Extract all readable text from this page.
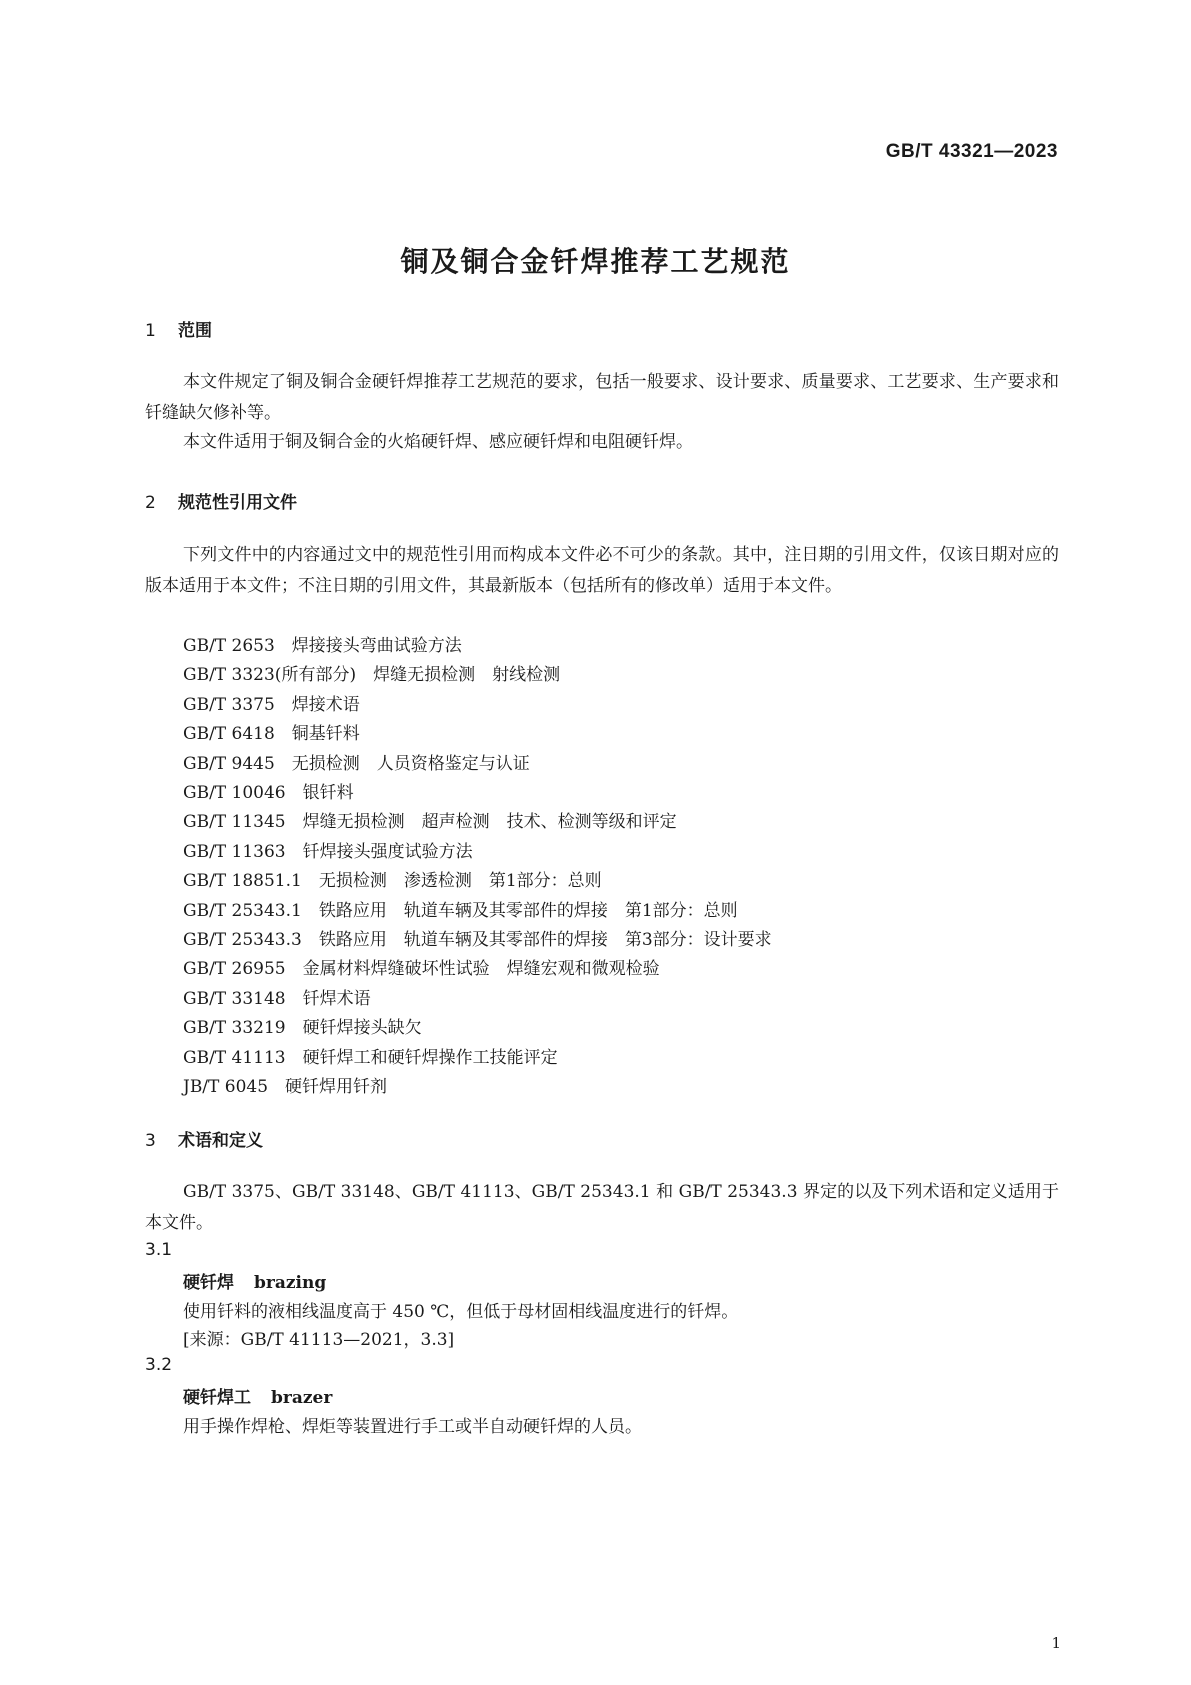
GB/T 43321—2023
铜及铜合金钎焊推荐工艺规范
1 范围

本文件规定了铜及铜合金硬钎焊推荐工艺规范的要求，包括一般要求、设计要求、质量要求、工艺要求、生产要求和钎缝缺欠修补等。

本文件适用于铜及铜合金的火焰硬钎焊、感应硬钎焊和电阻硬钎焊。

2 规范性引用文件

下列文件中的内容通过文中的规范性引用而构成本文件必不可少的条款。其中，注日期的引用文件，仅该日期对应的版本适用于本文件；不注日期的引用文件，其最新版本（包括所有的修改单）适用于本文件。

GB/T 2653　焊接接头弯曲试验方法
GB/T 3323(所有部分)　焊缝无损检测　射线检测
GB/T 3375　焊接术语
GB/T 6418　铜基钎料
GB/T 9445　无损检测　人员资格鉴定与认证
GB/T 10046　银钎料
GB/T 11345　焊缝无损检测　超声检测　技术、检测等级和评定
GB/T 11363　钎焊接头强度试验方法
GB/T 18851.1　无损检测　渗透检测　第1部分：总则
GB/T 25343.1　铁路应用　轨道车辆及其零部件的焊接　第1部分：总则
GB/T 25343.3　铁路应用　轨道车辆及其零部件的焊接　第3部分：设计要求
GB/T 26955　金属材料焊缝破坏性试验　焊缝宏观和微观检验
GB/T 33148　钎焊术语
GB/T 33219　硬钎焊接头缺欠
GB/T 41113　硬钎焊工和硬钎焊操作工技能评定
JB/T 6045　硬钎焊用钎剂
3 术语和定义

GB/T 3375、GB/T 33148、GB/T 41113、GB/T 25343.1 和 GB/T 25343.3 界定的以及下列术语和定义适用于本文件。

3.1
硬钎焊 brazing
使用钎料的液相线温度高于 450 ℃，但低于母材固相线温度进行的钎焊。
[来源：GB/T 41113—2021，3.3]
3.2
硬钎焊工 brazer
用手操作焊枪、焊炬等装置进行手工或半自动硬钎焊的人员。
1
